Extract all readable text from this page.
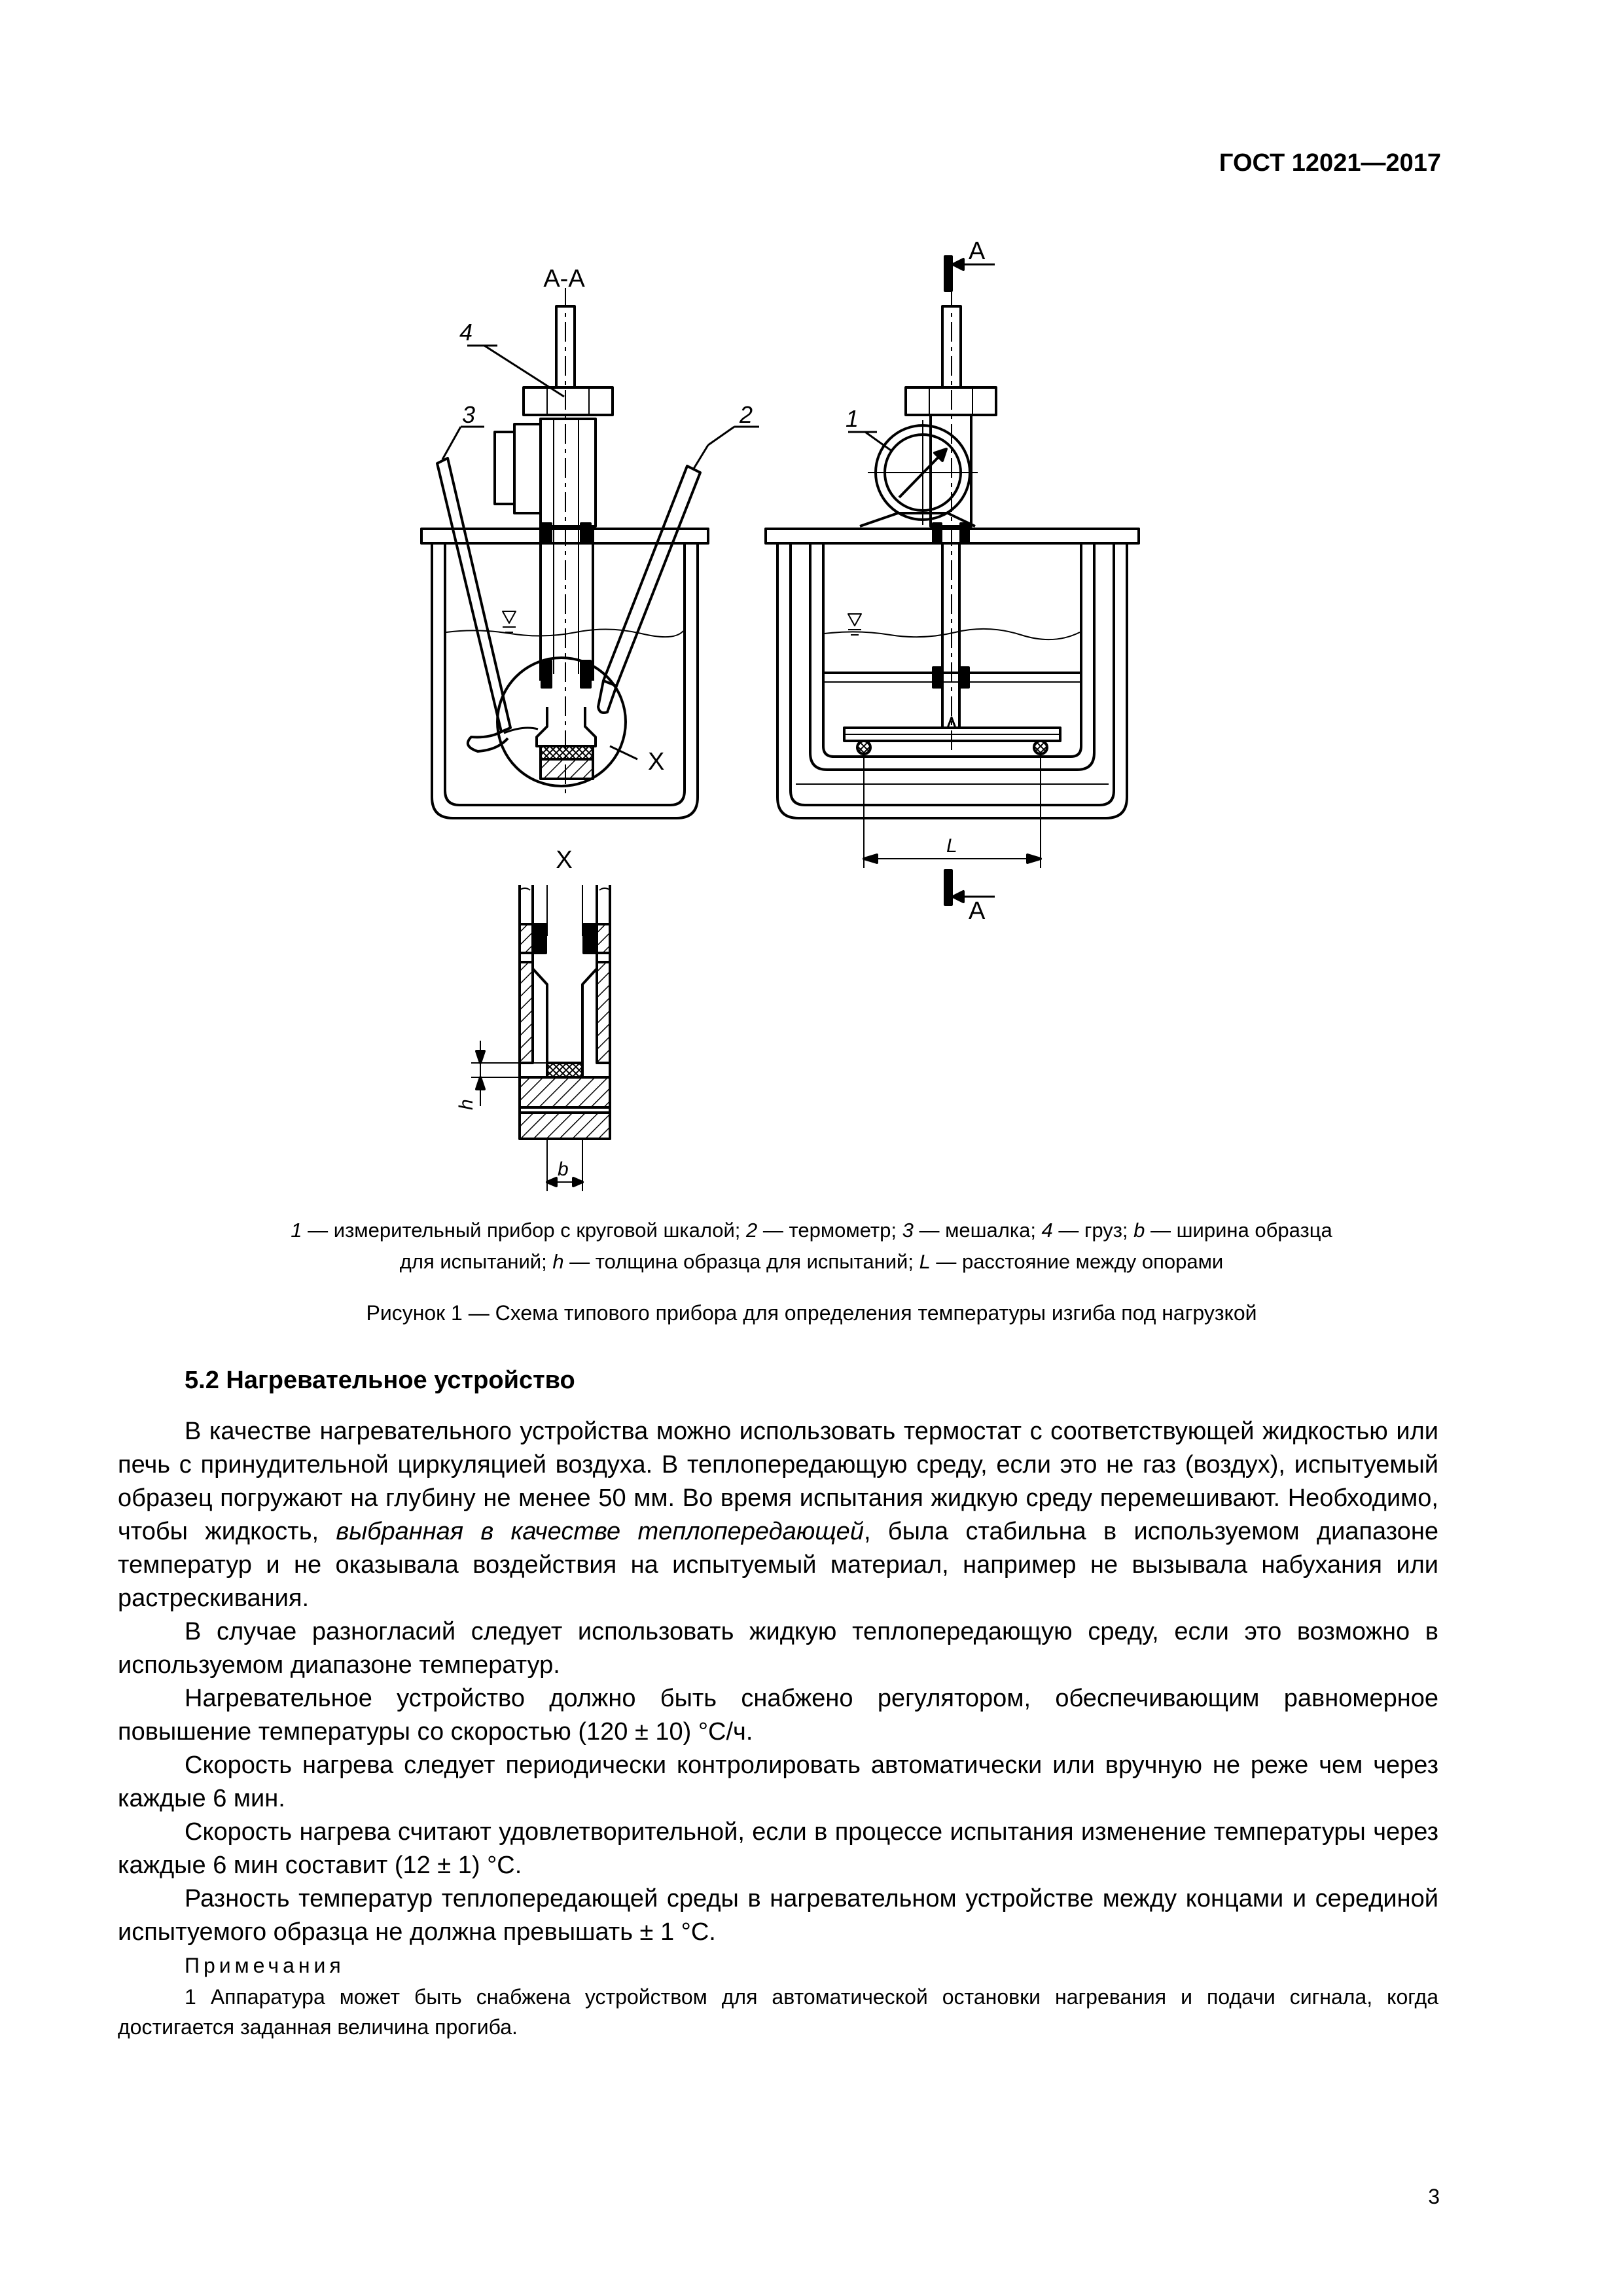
ГОСТ 12021—2017
А-А
Х
3	2
4
А
А
1
L
Х
h
b
1 — измерительный прибор с круговой шкалой; 2 — термометр; 3 — мешалка; 4 — груз; b — ширина образца
для испытаний; h — толщина образца для испытаний; L — расстояние между опорами
Рисунок 1 — Схема типового прибора для определения температуры изгиба под нагрузкой
5.2 Нагревательное устройство

В качестве нагревательного устройства можно использовать термостат с соответствующей жидкостью или печь с принудительной циркуляцией воздуха. В теплопередающую среду, если это не газ (воздух), испытуемый образец погружают на глубину не менее 50 мм. Во время испытания жидкую среду перемешивают. Необходимо, чтобы жидкость, выбранная в качестве теплопередающей, была стабильна в используемом диапазоне температур и не оказывала воздействия на испытуемый материал, например не вызывала набухания или растрескивания.

В случае разногласий следует использовать жидкую теплопередающую среду, если это возможно в используемом диапазоне температур.

Нагревательное устройство должно быть снабжено регулятором, обеспечивающим равномерное повышение температуры со скоростью (120 ± 10) °С/ч.

Скорость нагрева следует периодически контролировать автоматически или вручную не реже чем через каждые 6 мин.

Скорость нагрева считают удовлетворительной, если в процессе испытания изменение температуры через каждые 6 мин составит (12 ± 1) °С.

Разность температур теплопередающей среды в нагревательном устройстве между концами и серединой испытуемого образца не должна превышать ± 1 °С.

Примечания
1 Аппаратура может быть снабжена устройством для автоматической остановки нагревания и подачи сигнала, когда достигается заданная величина прогиба.
3
